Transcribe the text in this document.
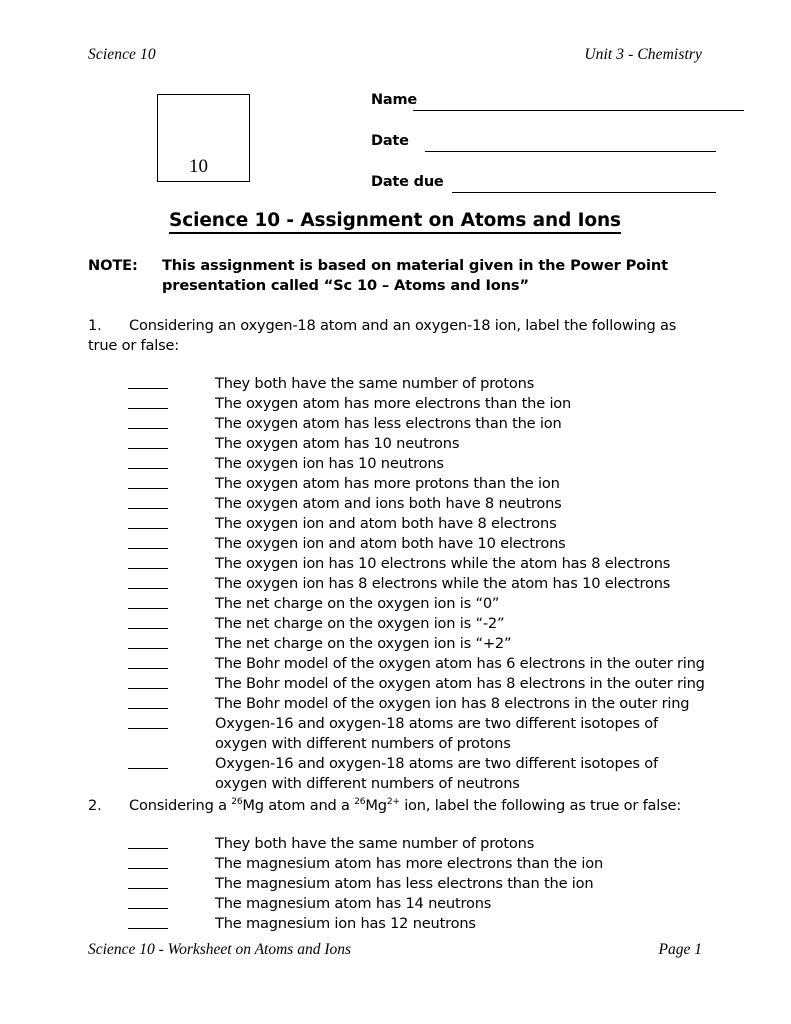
Science 10	Unit 3 - Chemistry
10
Name
Date
Date due
Science 10 - Assignment on Atoms and Ions
NOTE: This assignment is based on material given in the Power Point presentation called “Sc 10 – Atoms and Ions”
1. Considering an oxygen-18 atom and an oxygen-18 ion, label the following as true or false:
They both have the same number of protons
The oxygen atom has more electrons than the ion
The oxygen atom has less electrons than the ion
The oxygen atom has 10 neutrons
The oxygen ion has 10 neutrons
The oxygen atom has more protons than the ion
The oxygen atom and ions both have 8 neutrons
The oxygen ion and atom both have 8 electrons
The oxygen ion and atom both have 10 electrons
The oxygen ion has 10 electrons while the atom has 8 electrons
The oxygen ion has 8 electrons while the atom has 10 electrons
The net charge on the oxygen ion is “0”
The net charge on the oxygen ion is “-2”
The net charge on the oxygen ion is “+2”
The Bohr model of the oxygen atom has 6 electrons in the outer ring
The Bohr model of the oxygen atom has 8 electrons in the outer ring
The Bohr model of the oxygen ion has 8 electrons in the outer ring
Oxygen-16 and oxygen-18 atoms are two different isotopes of oxygen with different numbers of protons
Oxygen-16 and oxygen-18 atoms are two different isotopes of oxygen with different numbers of neutrons
2. Considering a $^{26}$Mg atom and a $^{26}Mg^{2+}$ ion, label the following as true or false:
They both have the same number of protons
The magnesium atom has more electrons than the ion
The magnesium atom has less electrons than the ion
The magnesium atom has 14 neutrons
The magnesium ion has 12 neutrons
Science 10 - Worksheet on Atoms and Ions	Page 1
